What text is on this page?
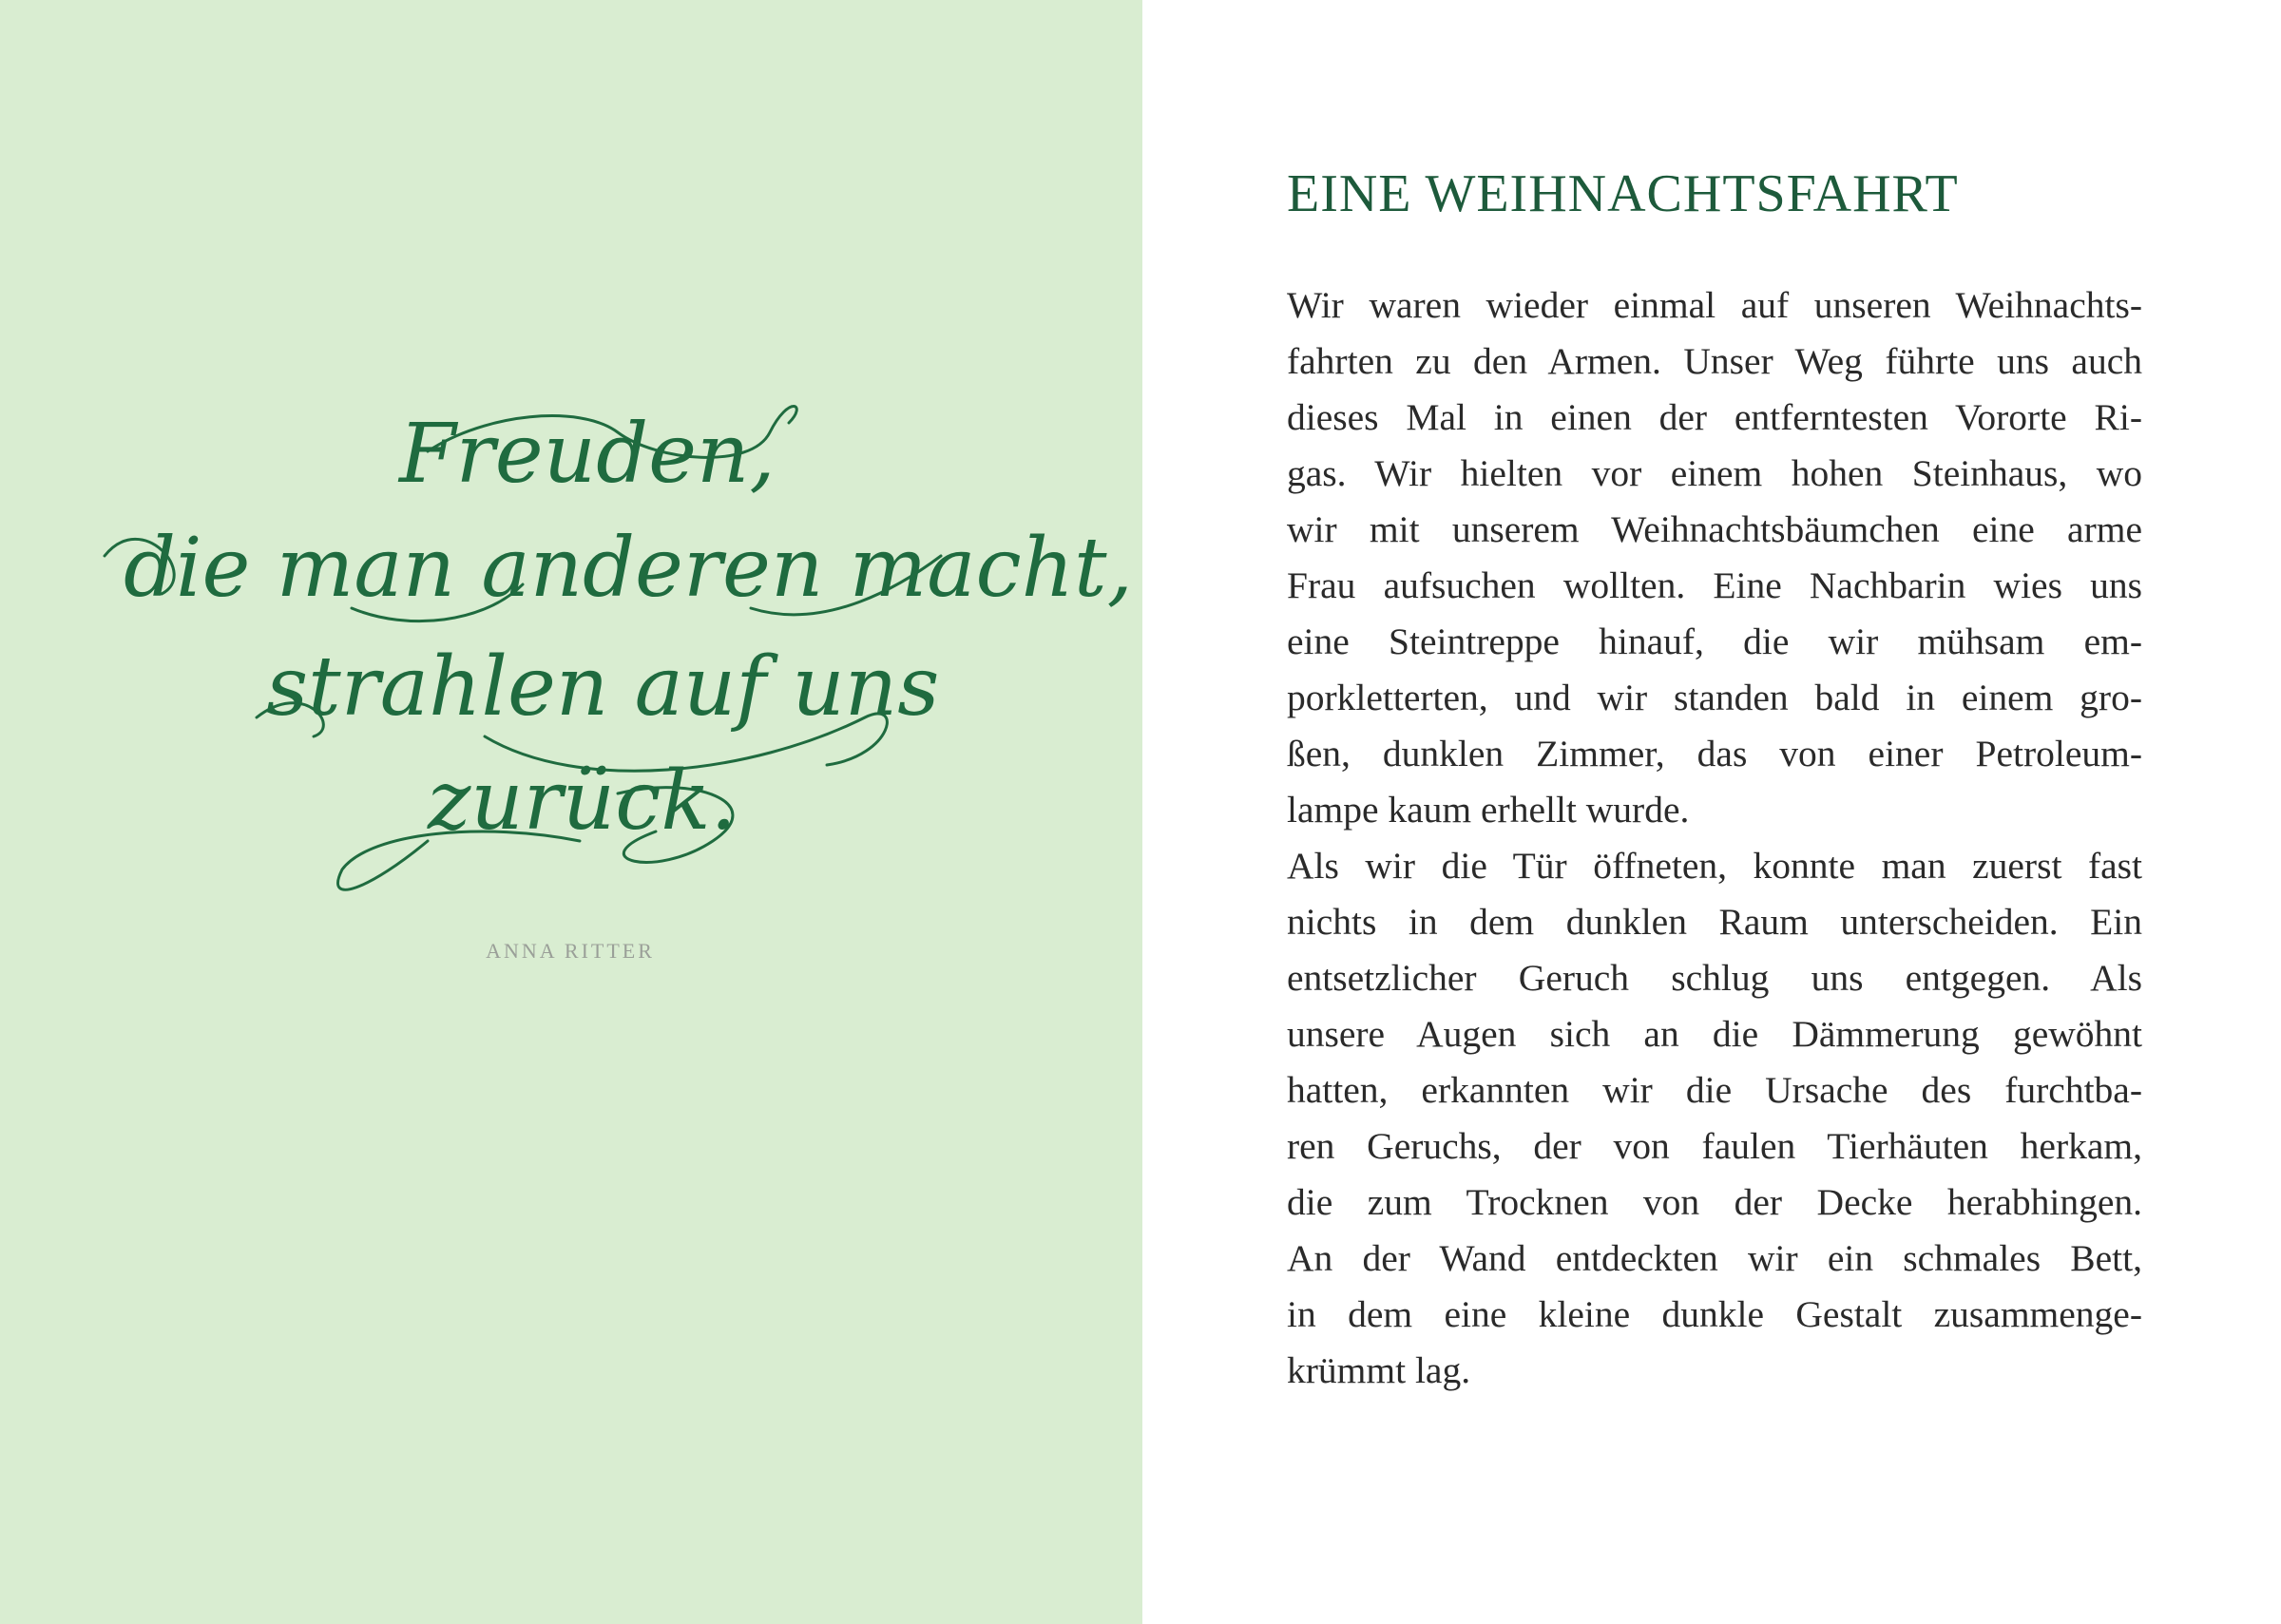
Freuden,
die man anderen macht,
strahlen auf uns
zurück.
ANNA RITTER
EINE WEIHNACHTSFAHRT
Wir waren wieder einmal auf unseren Weihnachts-
fahrten zu den Armen. Unser Weg führte uns auch
dieses Mal in einen der entferntesten Vororte Ri-
gas. Wir hielten vor einem hohen Steinhaus, wo
wir mit unserem Weihnachtsbäumchen eine arme
Frau aufsuchen wollten. Eine Nachbarin wies uns
eine Steintreppe hinauf, die wir mühsam em-
porkletterten, und wir standen bald in einem gro-
ßen, dunklen Zimmer, das von einer Petroleum-
lampe kaum erhellt wurde.
Als wir die Tür öffneten, konnte man zuerst fast
nichts in dem dunklen Raum unterscheiden. Ein
entsetzlicher Geruch schlug uns entgegen. Als
unsere Augen sich an die Dämmerung gewöhnt
hatten, erkannten wir die Ursache des furchtba-
ren Geruchs, der von faulen Tierhäuten herkam,
die zum Trocknen von der Decke herabhingen.
An der Wand entdeckten wir ein schmales Bett,
in dem eine kleine dunkle Gestalt zusammenge-
krümmt lag.
